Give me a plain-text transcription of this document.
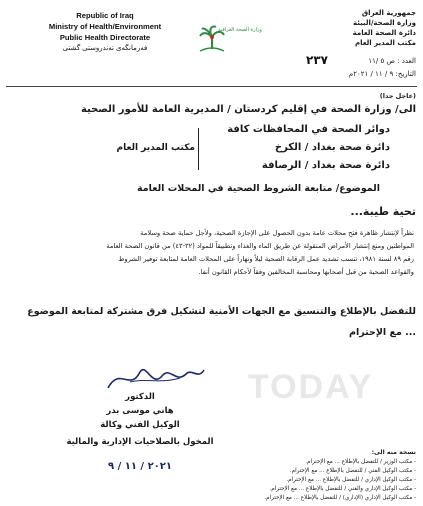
Republic of Iraq
Ministry of Health/Environment
Public Health Directorate
فەرمانگەی تەندروستی گشتی
وزارة الصحة العراقية
جمهورية العراق
وزارة الصحة/البيئة
دائرة الصحة العامة
مكتب المدير العام
العدد : ص ٥ /١١
٢٣٧
التاريخ: ٩ / ١١ / ٢٠٢١م
(عاجل جدا)
الى/ وزارة الصحة في إقليم كردستان / المديرية العامة للأمور الصحية
دوائر الصحة في المحافظات كافة
دائرة صحة بغداد / الكرخ
دائرة صحة بغداد / الرصافة
مكتب المدير العام
الموضوع/ متابعة الشروط الصحية في المحلات العامة
تحية طيبة...
نظراً لإنتشار ظاهرة فتح محلات عامة بدون الحصول على الإجازة الصحية، ولأجل حماية صحة وسلامة
المواطنين ومنع إنتشار الأمراض المنقولة عن طريق الماء والغذاء وتطبيقاً للمواد (٣٢-٤٣) من قانون الصحة العامة
رقم ٨٩ لسنة ١٩٨١، تنسب تشديد عمل الرقابة الصحية ليلاً ونهاراً على المحلات العامة لمتابعة توفير الشروط
والقواعد الصحية من قبل أصحابها ومحاسبة المخالفين وفقاً لأحكام القانون أنفا.
للتفضل بالإطلاع والتنسيق مع الجهات الأمنية لتشكيل فرق مشتركة لمتابعة الموضوع
... مع الإحترام
TODAY
الدكتور
هاني موسى بدر
الوكيل الفني وكالة
المخول بالصلاحيات الإدارية والمالية
٢٠٢١ / ١١ / ٩
نسخة منه الى:
- مكتب الوزير / للتفضل بالإطلاع ... مع الإحترام.
- مكتب الوكيل الفني / للتفضل بالإطلاع ... مع الإحترام.
- مكتب الوكيل الإداري / للتفضل بالإطلاع ... مع الإحترام.
- مكتب الوكيل الإداري والفني / للتفضل بالإطلاع ... مع الإحترام.
- مكتب الوكيل الإداري (الإداري) / للتفضل بالإطلاع ... مع الإحترام.
